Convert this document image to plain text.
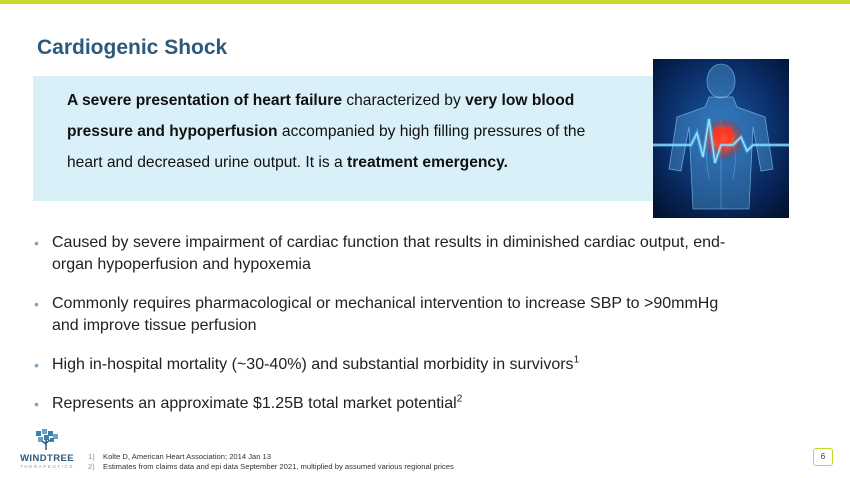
Cardiogenic Shock
A severe presentation of heart failure characterized by very low blood pressure and hypoperfusion accompanied by high filling pressures of the heart and decreased urine output. It is a treatment emergency.
• Caused by severe impairment of cardiac function that results in diminished cardiac output, end-organ hypoperfusion and hypoxemia
• Commonly requires pharmacological or mechanical intervention to increase SBP to >90mmHg and improve tissue perfusion
• High in-hospital mortality (~30-40%) and substantial morbidity in survivors$^1$
• Represents an approximate $1.25B total market potential$^2$
WINDTREE
THERAPEUTICS
1) Kolte D, American Heart Association; 2014 Jan 13
2) Estimates from claims data and epi data September 2021, multiplied by assumed various regional prices
6
